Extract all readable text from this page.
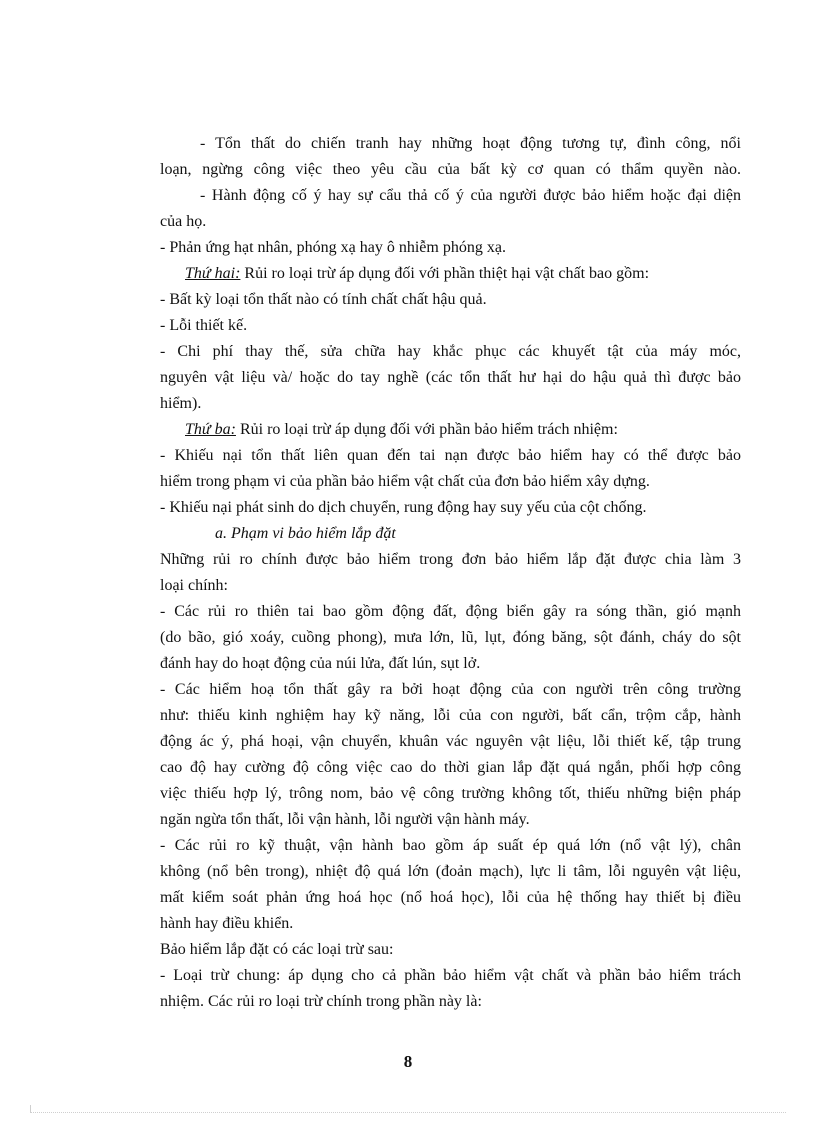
- Tổn thất do chiến tranh hay những hoạt động tương tự, đình công, nổi
loạn, ngừng công việc theo yêu cầu của bất kỳ cơ quan có thẩm quyền nào.
- Hành động cố ý hay sự cẩu thả cố ý của người được bảo hiểm hoặc đại diện
của họ.
- Phản ứng hạt nhân, phóng xạ hay ô nhiễm phóng xạ.
Thứ hai: Rủi ro loại trừ áp dụng đối với phần thiệt hại vật chất bao gồm:
- Bất kỳ loại tổn thất nào có tính chất chất hậu quả.
- Lỗi thiết kế.
- Chi phí thay thế, sửa chữa hay khắc phục các khuyết tật của máy móc,
nguyên vật liệu và/ hoặc do tay nghề (các tổn thất hư hại do hậu quả thì được bảo
hiểm).
Thứ ba: Rủi ro loại trừ áp dụng đối với phần bảo hiểm trách nhiệm:
- Khiếu nại tổn thất liên quan đến tai nạn được bảo hiểm hay có thể được bảo
hiểm trong phạm vi của phần bảo hiểm vật chất của đơn bảo hiểm xây dựng.
- Khiếu nại phát sinh do dịch chuyển, rung động hay suy yếu của cột chống.
a. Phạm vi bảo hiểm lắp đặt
Những rủi ro chính được bảo hiểm trong đơn bảo hiểm lắp đặt được chia làm 3
loại chính:
- Các rủi ro thiên tai bao gồm động đất, động biển gây ra sóng thần, gió mạnh
(do bão, gió xoáy, cuồng phong), mưa lớn, lũ, lụt, đóng băng, sột đánh, cháy do sột
đánh hay do hoạt động của núi lửa, đất lún, sụt lở.
- Các hiểm hoạ tổn thất gây ra bởi hoạt động của con người trên công trường
như: thiếu kinh nghiệm hay kỹ năng, lỗi của con người, bất cẩn, trộm cắp, hành
động ác ý, phá hoại, vận chuyển, khuân vác nguyên vật liệu, lỗi thiết kế, tập trung
cao độ hay cường độ công việc cao do thời gian lắp đặt quá ngắn, phối hợp công
việc thiếu hợp lý, trông nom, bảo vệ công trường không tốt, thiếu những biện pháp
ngăn ngừa tổn thất, lỗi vận hành, lỗi người vận hành máy.
- Các rủi ro kỹ thuật, vận hành bao gồm áp suất ép quá lớn (nổ vật lý), chân
không (nổ bên trong), nhiệt độ quá lớn (đoản mạch), lực li tâm, lỗi nguyên vật liệu,
mất kiểm soát phản ứng hoá học (nổ hoá học), lỗi của hệ thống hay thiết bị điều
hành hay điều khiển.
Bảo hiểm lắp đặt có các loại trừ sau:
- Loại trừ chung: áp dụng cho cả phần bảo hiểm vật chất và phần bảo hiểm trách
nhiệm. Các rủi ro loại trừ chính trong phần này là:
8
